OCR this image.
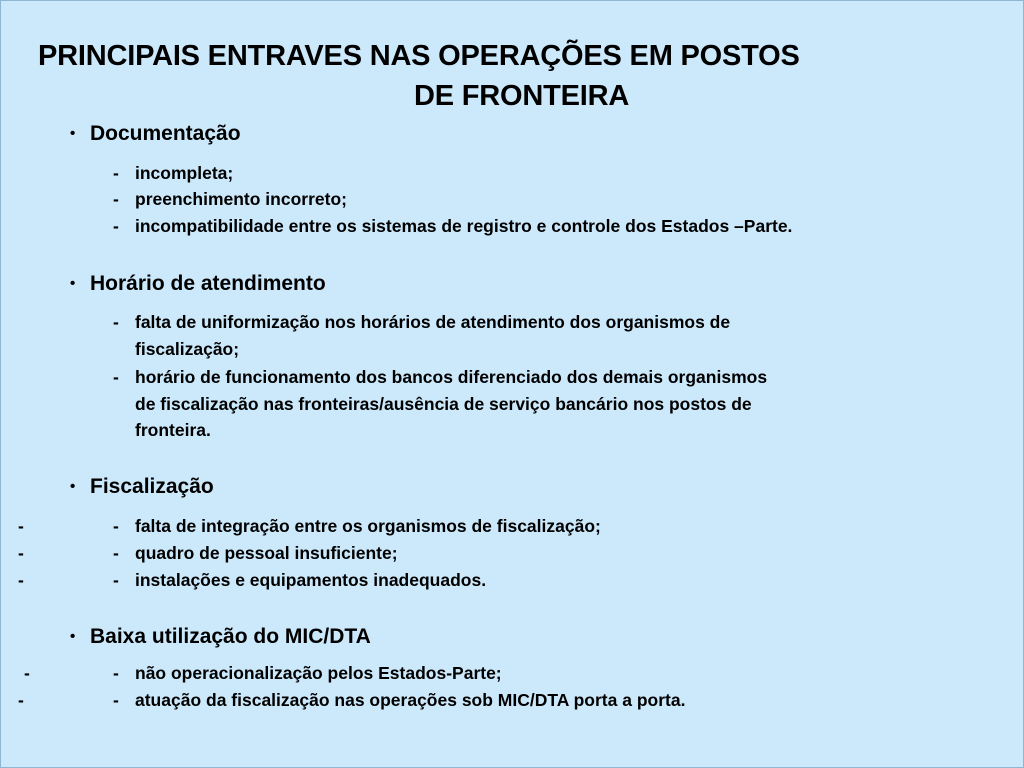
PRINCIPAIS ENTRAVES NAS OPERAÇÕES EM POSTOS
DE FRONTEIRA
• Documentação
- incompleta;
- preenchimento incorreto;
- incompatibilidade entre os sistemas de registro e controle dos Estados –Parte.
• Horário de atendimento
- falta de uniformização nos horários de atendimento dos organismos de
fiscalização;
- horário de funcionamento dos bancos diferenciado dos demais organismos
de fiscalização nas fronteiras/ausência de serviço bancário nos postos de
fronteira.
• Fiscalização
-	- falta de integração entre os organismos de fiscalização;
-	- quadro de pessoal insuficiente;
-	- instalações e equipamentos inadequados.
• Baixa utilização do MIC/DTA
-	- não operacionalização pelos Estados-Parte;
-	- atuação da fiscalização nas operações sob MIC/DTA porta a porta.
